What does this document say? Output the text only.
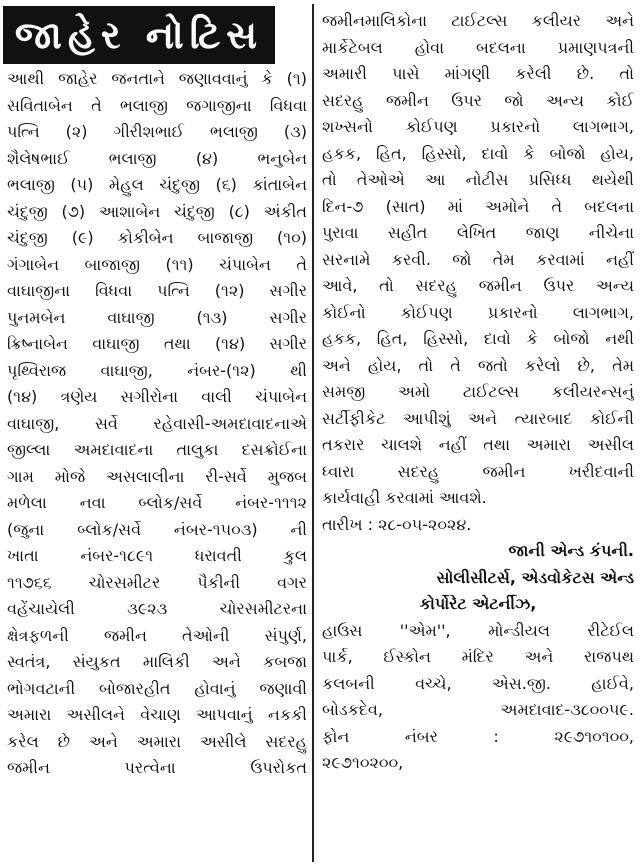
જાહેર નોટિસ
આથી જાહેર જનતાને જણાવવાનું કે (૧)
સવિતાબેન તે ભલાજી જગાજીના વિધવા
પત્નિ (૨) ગીરીશભાઈ ભલાજી (૩)
શૈલેષભાઈ ભલાજી (૪) ભનુબેન
ભલાજી (૫) મેહુલ ચંદુજી (૬) કાંતાબેન
ચંદુજી (૭) આશાબેન ચંદુજી (૮) અંકીત
ચંદુજી (૯) કોકીબેન બાજાજી (૧૦)
ગંગાબેન બાજાજી (૧૧) ચંપાબેન તે
વાઘાજીના વિધવા પત્નિ (૧૨) સગીર
પુનમબેન વાઘાજી (૧૩) સગીર
ક્રિષ્નાબેન વાઘાજી તથા (૧૪) સગીર
પૃથ્વિરાજ વાઘાજી, નંબર-(૧૨) થી
(૧૪) ત્રણેય સગીરોના વાલી ચંપાબેન
વાઘાજી, સર્વે રહેવાસી-અમદાવાદનાએ
જીલ્લા અમદાવાદના તાલુકા દસક્રોઈના
ગામ મોજે અસલાલીના રી-સર્વે મુજબ
મળેલા નવા બ્લોક/સર્વે નંબર-૧૧૧૨
(જુના બ્લોક/સર્વે નંબર-૧૫૦૩) ની
ખાતા નંબર-૧૮૯૧ ધરાવતી કુલ
૧૧૭૬૬ ચોરસમીટર પૈકીની વગર
વહેંચાયેલી ૩૯૨૩ ચોરસમીટરના
ક્ષેત્રફળની જમીન તેઓની સંપુર્ણ,
સ્વતંત્ર, સંયુકત માલિકી અને કબજા
ભોગવટાની બોજારહીત હોવાનું જણાવી
અમારા અસીલને વેચાણ આપવાનું નકકી
કરેલ છે અને અમારા અસીલે સદરહુ
જમીન પરત્વેના ઉપરોકત
જમીનમાલિકોના ટાઈટલ્સ કલીયર અને
માર્કેટેબલ હોવા બદલના પ્રમાણપત્રની
અમારી પાસે માંગણી કરેલી છે. તો
સદરહુ જમીન ઉપર જો અન્ય કોઈ
શખ્સનો કોઈપણ પ્રકારનો લાગભાગ,
હકક, હિત, હિસ્સો, દાવો કે બોજો હોય,
તો તેઓએ આ નોટીસ પ્રસિધ્ધ થયેથી
દિન-૭ (સાત) માં અમોને તે બદલના
પુરાવા સહીત લેખિત જાણ નીચેના
સરનામે કરવી. જો તેમ કરવામાં નહીં
આવે, તો સદરહુ જમીન ઉપર અન્ય
કોઈનો કોઈપણ પ્રકારનો લાગભાગ,
હકક, હિત, હિસ્સો, દાવો કે બોજો નથી
અને હોય, તો તે જતો કરેલો છે, તેમ
સમજી અમો ટાઈટલ્સ કલીયરન્સનું
સર્ટીફીકેટ આપીશું અને ત્યારબાદ કોઈની
તકરાર ચાલશે નહીં તથા અમારા અસીલ
ધ્વારા સદરહુ જમીન ખરીદવાની
કાર્યવાહી કરવામાં આવશે.
તારીખ : ૨૮-૦૫-૨૦૨૪.
જાની એન્ડ કંપની.
સોલીસીટર્સ, એડવોકેટસ એન્ડ
કોર્પોરેટ એટર્નીઝ,
હાઉસ ''એમ'', મોન્ડીયલ રીટેઈલ
પાર્ક, ઈસ્કોન મંદિર અને રાજપથ
કલબની વચ્ચે, એસ.જી. હાઈવે,
બોડકદેવ, અમદાવાદ-૩૮૦૦૫૯.
ફોન નંબર : ૨૯૭૧૦૧૦૦,
૨૯૭૧૦૨૦૦,
